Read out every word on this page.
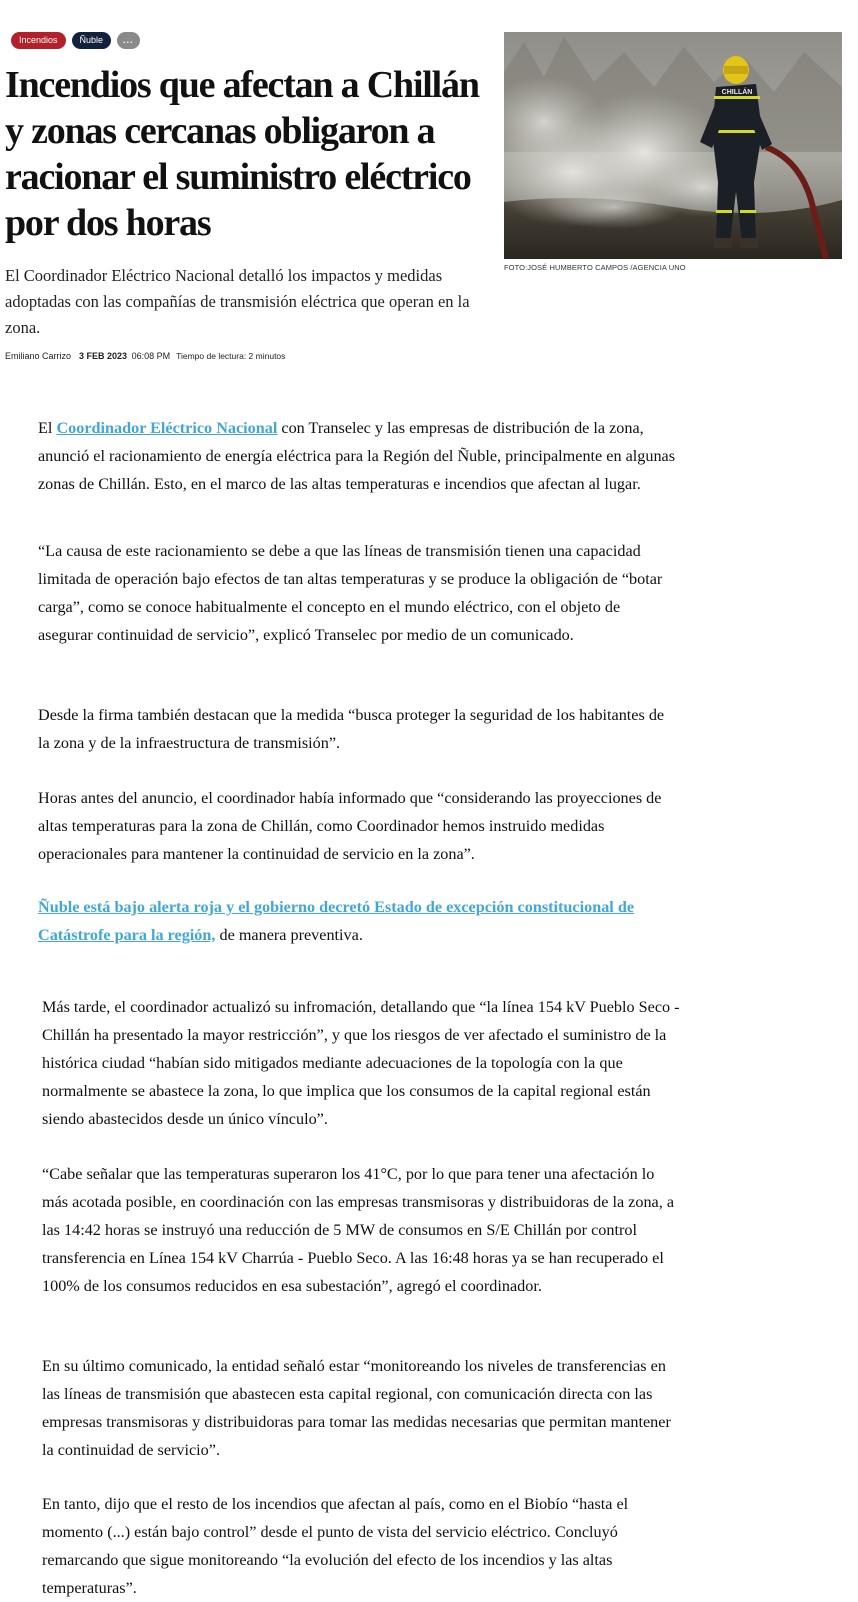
Incendios	Ñuble	...
Incendios que afectan a Chillán y zonas cercanas obligaron a racionar el suministro eléctrico por dos horas

El Coordinador Eléctrico Nacional detalló los impactos y medidas adoptadas con las compañías de transmisión eléctrica que operan en la zona.

Emiliano Carrizo 3 FEB 2023 06:08 PM Tiempo de lectura: 2 minutos
CHILLÁN
FOTO:JOSÉ HUMBERTO CAMPOS /AGENCIA UNO

El Coordinador Eléctrico Nacional con Transelec y las empresas de distribución de la zona, anunció el racionamiento de energía eléctrica para la Región del Ñuble, principalmente en algunas zonas de Chillán. Esto, en el marco de las altas temperaturas e incendios que afectan al lugar.

“La causa de este racionamiento se debe a que las líneas de transmisión tienen una capacidad limitada de operación bajo efectos de tan altas temperaturas y se produce la obligación de “botar carga”, como se conoce habitualmente el concepto en el mundo eléctrico, con el objeto de asegurar continuidad de servicio”, explicó Transelec por medio de un comunicado.

Desde la firma también destacan que la medida “busca proteger la seguridad de los habitantes de la zona y de la infraestructura de transmisión”.

Horas antes del anuncio, el coordinador había informado que “considerando las proyecciones de altas temperaturas para la zona de Chillán, como Coordinador hemos instruido medidas operacionales para mantener la continuidad de servicio en la zona”.

Ñuble está bajo alerta roja y el gobierno decretó Estado de excepción constitucional de Catástrofe para la región, de manera preventiva.

Más tarde, el coordinador actualizó su infromación, detallando que “la línea 154 kV Pueblo Seco - Chillán ha presentado la mayor restricción”, y que los riesgos de ver afectado el suministro de la histórica ciudad “habían sido mitigados mediante adecuaciones de la topología con la que normalmente se abastece la zona, lo que implica que los consumos de la capital regional están siendo abastecidos desde un único vínculo”.

“Cabe señalar que las temperaturas superaron los 41°C, por lo que para tener una afectación lo más acotada posible, en coordinación con las empresas transmisoras y distribuidoras de la zona, a las 14:42 horas se instruyó una reducción de 5 MW de consumos en S/E Chillán por control transferencia en Línea 154 kV Charrúa - Pueblo Seco. A las 16:48 horas ya se han recuperado el 100% de los consumos reducidos en esa subestación”, agregó el coordinador.

En su último comunicado, la entidad señaló estar “monitoreando los niveles de transferencias en las líneas de transmisión que abastecen esta capital regional, con comunicación directa con las empresas transmisoras y distribuidoras para tomar las medidas necesarias que permitan mantener la continuidad de servicio”.

En tanto, dijo que el resto de los incendios que afectan al país, como en el Biobío “hasta el momento (...) están bajo control” desde el punto de vista del servicio eléctrico. Concluyó remarcando que sigue monitoreando “la evolución del efecto de los incendios y las altas temperaturas”.
